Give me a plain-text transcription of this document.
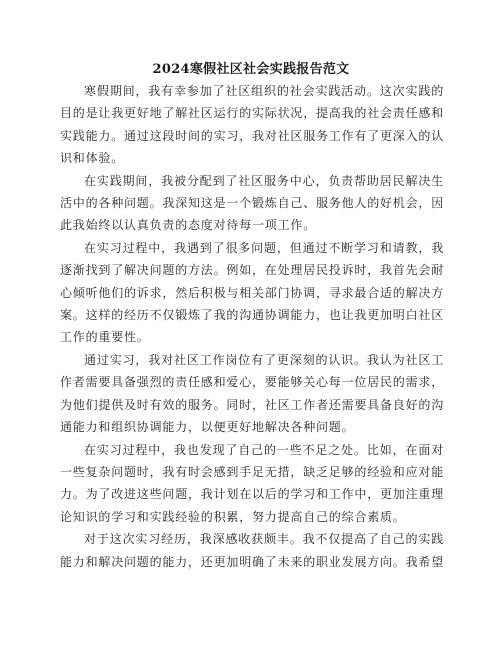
2024寒假社区社会实践报告范文

寒假期间，我有幸参加了社区组织的社会实践活动。这次实践的目的是让我更好地了解社区运行的实际状况，提高我的社会责任感和实践能力。通过这段时间的实习，我对社区服务工作有了更深入的认识和体验。

在实践期间，我被分配到了社区服务中心，负责帮助居民解决生活中的各种问题。我深知这是一个锻炼自己、服务他人的好机会，因此我始终以认真负责的态度对待每一项工作。

在实习过程中，我遇到了很多问题，但通过不断学习和请教，我逐渐找到了解决问题的方法。例如，在处理居民投诉时，我首先会耐心倾听他们的诉求，然后积极与相关部门协调，寻求最合适的解决方案。这样的经历不仅锻炼了我的沟通协调能力，也让我更加明白社区工作的重要性。

通过实习，我对社区工作岗位有了更深刻的认识。我认为社区工作者需要具备强烈的责任感和爱心，要能够关心每一位居民的需求，为他们提供及时有效的服务。同时，社区工作者还需要具备良好的沟通能力和组织协调能力，以便更好地解决各种问题。

在实习过程中，我也发现了自己的一些不足之处。比如，在面对一些复杂问题时，我有时会感到手足无措，缺乏足够的经验和应对能力。为了改进这些问题，我计划在以后的学习和工作中，更加注重理论知识的学习和实践经验的积累，努力提高自己的综合素质。

对于这次实习经历，我深感收获颇丰。我不仅提高了自己的实践能力和解决问题的能力，还更加明确了未来的职业发展方向。我希望
